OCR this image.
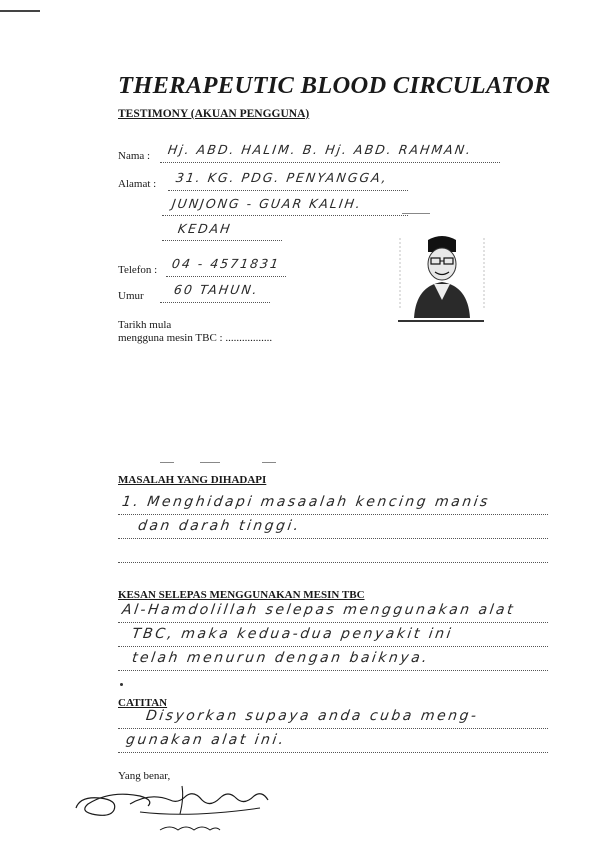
THERAPEUTIC BLOOD CIRCULATOR
TESTIMONY (AKUAN PENGGUNA)
Nama : Hj. ABD. HALIM. B. Hj. ABD. RAHMAN.
Alamat : 31. KG. PDG. PENYANGGA,
JUNJONG - GUAR KALIH.
KEDAH
Telefon : 04 - 4571831
Umur 60 TAHUN.
Tarikh mula
mengguna mesin TBC : .................
MASALAH YANG DIHADAPI
1. Menghidapi masaalah kencing manis
dan darah tinggi.
KESAN SELEPAS MENGGUNAKAN MESIN TBC
Al-Hamdolillah selepas menggunakan alat
TBC, maka kedua-dua penyakit ini
telah menurun dengan baiknya.
CATITAN
Disyorkan supaya anda cuba meng-
gunakan alat ini.
Yang benar,
